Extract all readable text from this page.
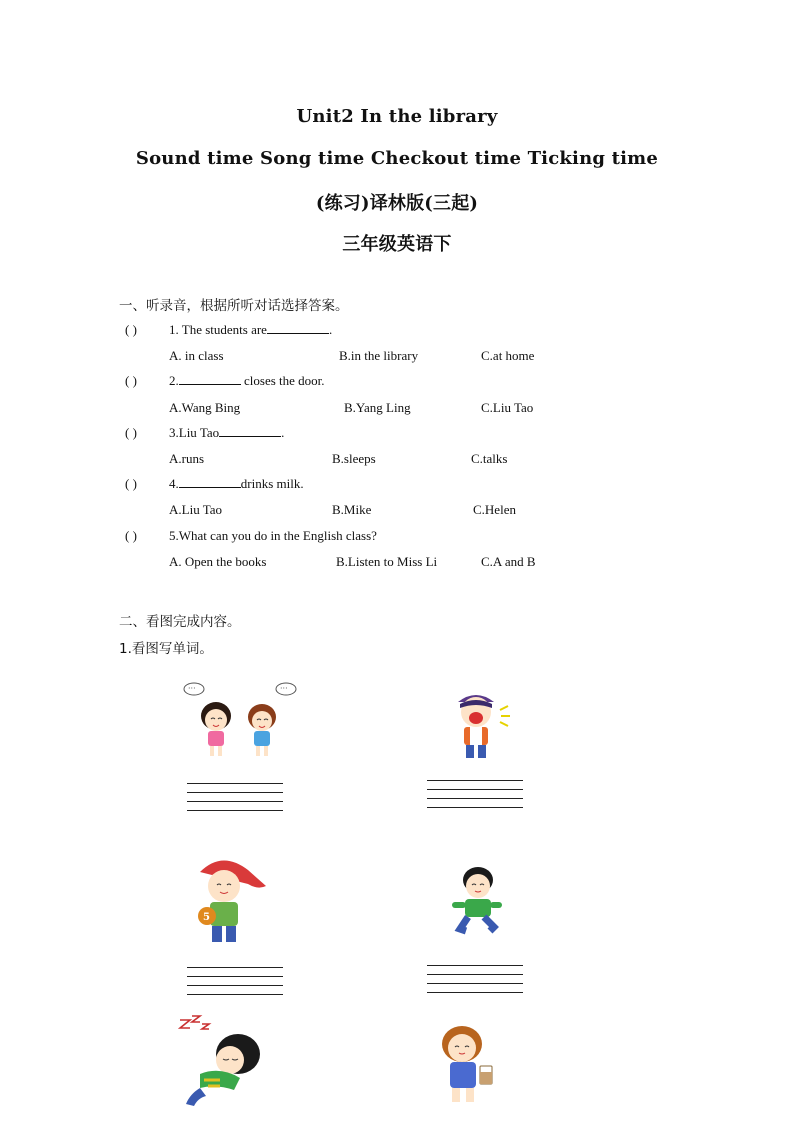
Unit2 In the library
Sound time Song time Checkout time Ticking time
(练习)译林版(三起)
三年级英语下
一、听录音，根据所听对话选择答案。
( ) 1. The students are	.
A. in class	B.in the library	C.at home
( ) 2.	closes the door.
A.Wang Bing	B.Yang Ling	C.Liu Tao
( ) 3.Liu Tao	.
A.runs	B.sleeps	C.talks
( ) 4.	drinks milk.
A.Liu Tao	B.Mike	C.Helen
( ) 5.What can you do in the English class?
A. Open the books	B.Listen to Miss Li	C.A and B
二、看图完成内容。
1.看图写单词。
···	···
5
